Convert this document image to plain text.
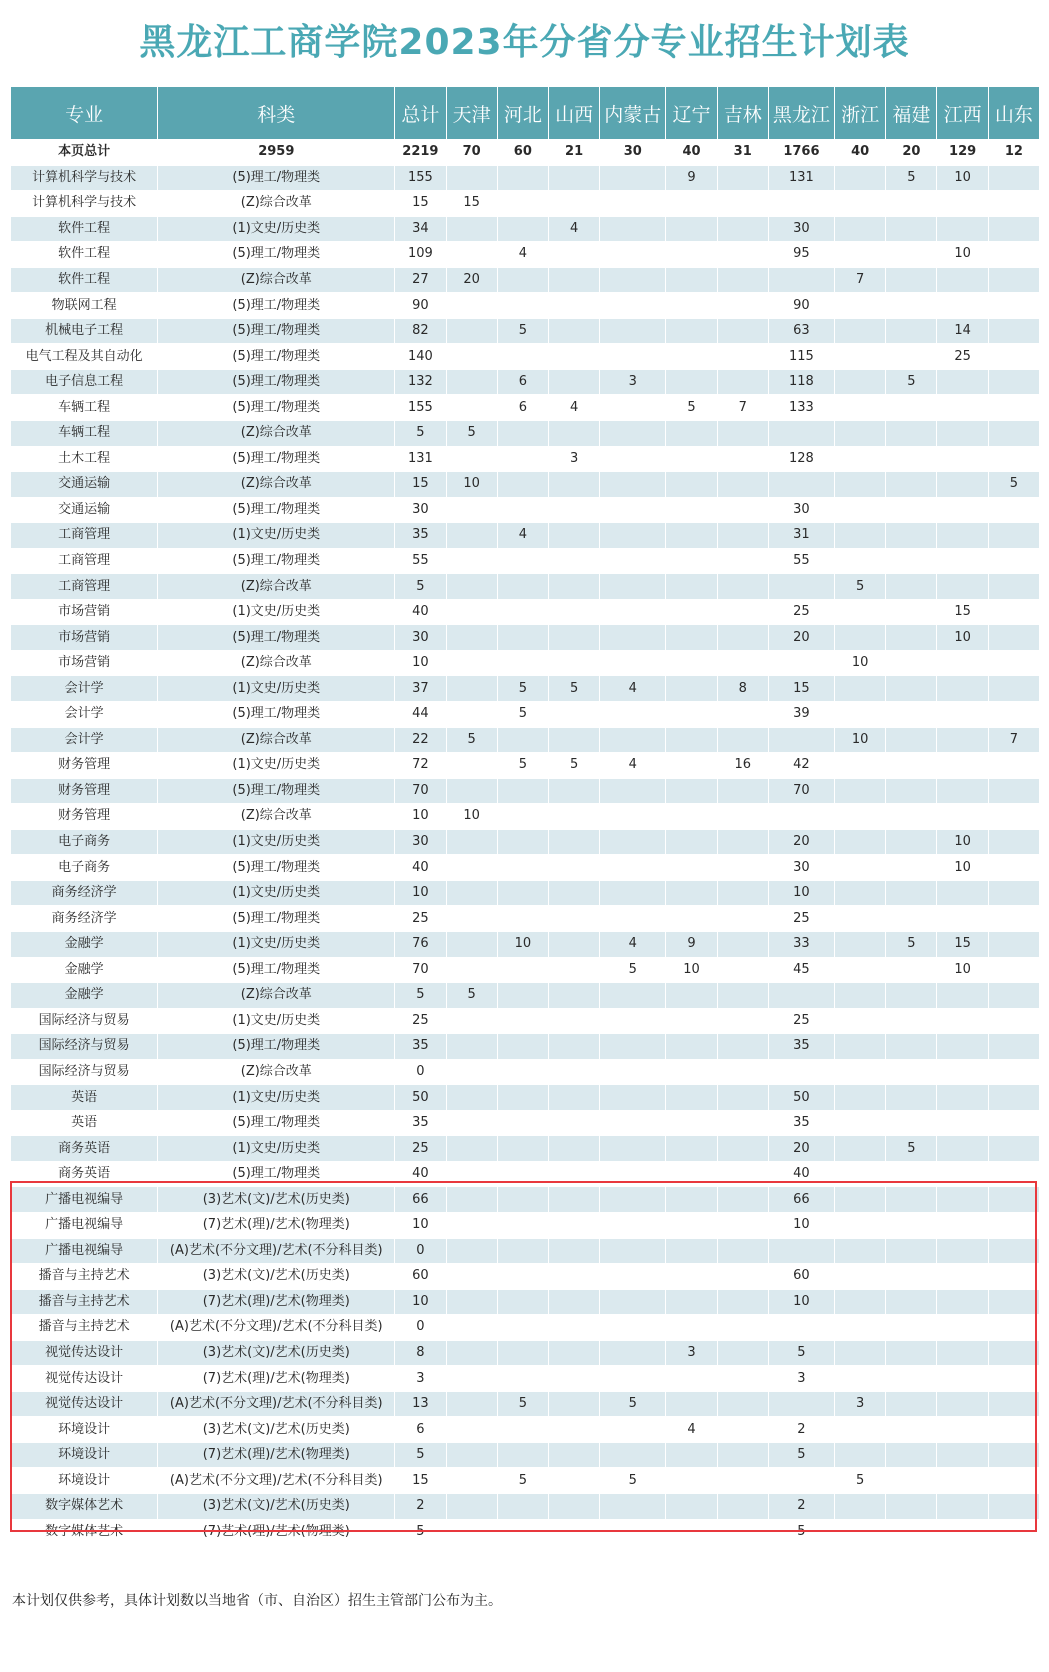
黑龙江工商学院2023年分省分专业招生计划表
专业	科类	总计	天津	河北	山西	内蒙古	辽宁	吉林	黑龙江	浙江	福建	江西	山东
本页总计	2959	2219	70	60	21	30	40	31	1766	40	20	129	12
计算机科学与技术	(5)理工/物理类	155					9		131		5	10	
计算机科学与技术	(Z)综合改革	15	15										
软件工程	(1)文史/历史类	34			4				30				
软件工程	(5)理工/物理类	109		4					95			10	
软件工程	(Z)综合改革	27	20							7			
物联网工程	(5)理工/物理类	90							90				
机械电子工程	(5)理工/物理类	82		5					63			14	
电气工程及其自动化	(5)理工/物理类	140							115			25	
电子信息工程	(5)理工/物理类	132		6		3			118		5		
车辆工程	(5)理工/物理类	155		6	4		5	7	133				
车辆工程	(Z)综合改革	5	5										
土木工程	(5)理工/物理类	131			3				128				
交通运输	(Z)综合改革	15	10										5
交通运输	(5)理工/物理类	30							30				
工商管理	(1)文史/历史类	35		4					31				
工商管理	(5)理工/物理类	55							55				
工商管理	(Z)综合改革	5								5			
市场营销	(1)文史/历史类	40							25			15	
市场营销	(5)理工/物理类	30							20			10	
市场营销	(Z)综合改革	10								10			
会计学	(1)文史/历史类	37		5	5	4		8	15				
会计学	(5)理工/物理类	44		5					39				
会计学	(Z)综合改革	22	5							10			7
财务管理	(1)文史/历史类	72		5	5	4		16	42				
财务管理	(5)理工/物理类	70							70				
财务管理	(Z)综合改革	10	10										
电子商务	(1)文史/历史类	30							20			10	
电子商务	(5)理工/物理类	40							30			10	
商务经济学	(1)文史/历史类	10							10				
商务经济学	(5)理工/物理类	25							25				
金融学	(1)文史/历史类	76		10		4	9		33		5	15	
金融学	(5)理工/物理类	70				5	10		45			10	
金融学	(Z)综合改革	5	5										
国际经济与贸易	(1)文史/历史类	25							25				
国际经济与贸易	(5)理工/物理类	35							35				
国际经济与贸易	(Z)综合改革	0											
英语	(1)文史/历史类	50							50				
英语	(5)理工/物理类	35							35				
商务英语	(1)文史/历史类	25							20		5		
商务英语	(5)理工/物理类	40							40				
广播电视编导	(3)艺术(文)/艺术(历史类)	66							66				
广播电视编导	(7)艺术(理)/艺术(物理类)	10							10				
广播电视编导	(A)艺术(不分文理)/艺术(不分科目类)	0											
播音与主持艺术	(3)艺术(文)/艺术(历史类)	60							60				
播音与主持艺术	(7)艺术(理)/艺术(物理类)	10							10				
播音与主持艺术	(A)艺术(不分文理)/艺术(不分科目类)	0											
视觉传达设计	(3)艺术(文)/艺术(历史类)	8					3		5				
视觉传达设计	(7)艺术(理)/艺术(物理类)	3							3				
视觉传达设计	(A)艺术(不分文理)/艺术(不分科目类)	13		5		5				3			
环境设计	(3)艺术(文)/艺术(历史类)	6					4		2				
环境设计	(7)艺术(理)/艺术(物理类)	5							5				
环境设计	(A)艺术(不分文理)/艺术(不分科目类)	15		5		5				5			
数字媒体艺术	(3)艺术(文)/艺术(历史类)	2							2				
数字媒体艺术	(7)艺术(理)/艺术(物理类)	5							5				
本计划仅供参考，具体计划数以当地省（市、自治区）招生主管部门公布为主。
